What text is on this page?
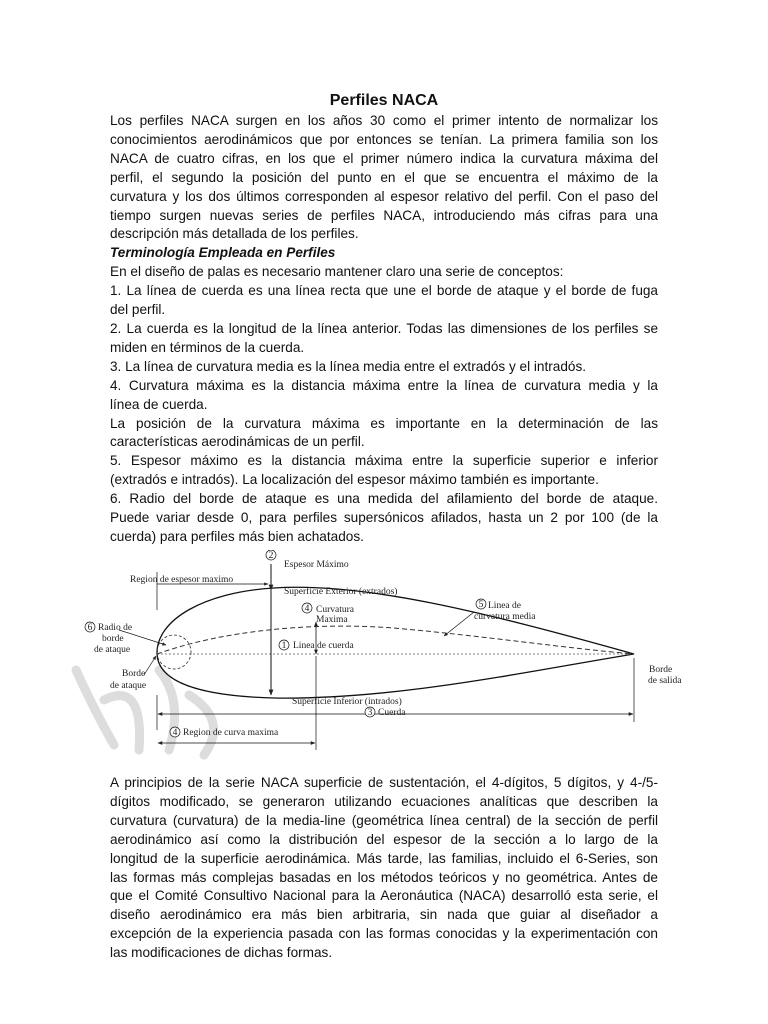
Perfiles NACA
Los perfiles NACA surgen en los años 30 como el primer intento de normalizar los
conocimientos aerodinámicos que por entonces se tenían. La primera familia son los
NACA de cuatro cifras, en los que el primer número indica la curvatura máxima del
perfil, el segundo la posición del punto en el que se encuentra el máximo de la
curvatura y los dos últimos corresponden al espesor relativo del perfil. Con el paso del
tiempo surgen nuevas series de perfiles NACA, introduciendo más cifras para una
descripción más detallada de los perfiles.
Terminología Empleada en Perfiles
En el diseño de palas es necesario mantener claro una serie de conceptos:
1. La línea de cuerda es una línea recta que une el borde de ataque y el borde de fuga
del perfil.
2. La cuerda es la longitud de la línea anterior. Todas las dimensiones de los perfiles se
miden en términos de la cuerda.
3. La línea de curvatura media es la línea media entre el extradós y el intradós.
4. Curvatura máxima es la distancia máxima entre la línea de curvatura media y la
línea de cuerda.
La posición de la curvatura máxima es importante en la determinación de las
características aerodinámicas de un perfil.
5. Espesor máximo es la distancia máxima entre la superficie superior e inferior
(extradós e intradós). La localización del espesor máximo también es importante.
6. Radio del borde de ataque es una medida del afilamiento del borde de ataque.
Puede variar desde 0, para perfiles supersónicos afilados, hasta un 2 por 100 (de la
cuerda) para perfiles más bien achatados.
2
4
1
5
6
3
4
Espesor Máximo
Region de espesor maximo
Superficie Exterior (extrados)
Curvatura
Maxima
Linea de
curvatura media
Radio de
borde
de ataque	Linea de cuerda
Borde
de ataque
Borde
de salida
Superficie Inferior (intrados)
Cuerda
Region de curva maxima
A principios de la serie NACA superficie de sustentación, el 4-dígitos, 5 dígitos, y 4-/5-
dígitos modificado, se generaron utilizando ecuaciones analíticas que describen la
curvatura (curvatura) de la media-line (geométrica línea central) de la sección de perfil
aerodinámico así como la distribución del espesor de la sección a lo largo de la
longitud de la superficie aerodinámica. Más tarde, las familias, incluido el 6-Series, son
las formas más complejas basadas en los métodos teóricos y no geométrica. Antes de
que el Comité Consultivo Nacional para la Aeronáutica (NACA) desarrolló esta serie, el
diseño aerodinámico era más bien arbitraria, sin nada que guiar al diseñador a
excepción de la experiencia pasada con las formas conocidas y la experimentación con
las modificaciones de dichas formas.
